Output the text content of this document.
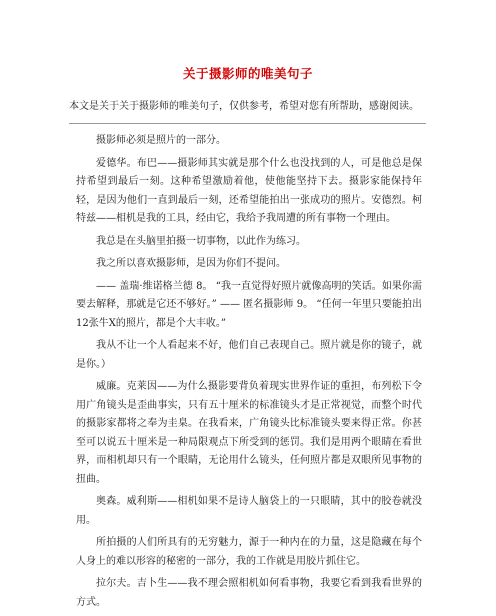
关于摄影师的唯美句子
本文是关于关于摄影师的唯美句子，仅供参考，希望对您有所帮助，感谢阅读。

摄影师必须是照片的一部分。

爱德华。布巴——摄影师其实就是那个什么也没找到的人，可是他总是保持希望到最后一刻。这种希望激励着他，使他能坚持下去。摄影家能保持年轻，是因为他们一直到最后一刻，还希望能拍出一张成功的照片。安德烈。柯特兹——相机是我的工具，经由它，我给予我周遭的所有事物一个理由。

我总是在头脑里拍摄一切事物，以此作为练习。

我之所以喜欢摄影师，是因为你们不提问。

—— 盖瑞·维诺格兰德 8。 “我一直觉得好照片就像高明的笑话。如果你需要去解释，那就是它还不够好。” —— 匿名摄影师 9。 “任何一年里只要能拍出12张牛X的照片，都是个大丰收。”

我从不让一个人看起来不好，他们自己表现自己。照片就是你的镜子，就是你。）

威廉。克莱因——为什么摄影要背负着现实世界作证的重担，布列松下令用广角镜头是歪曲事实，只有五十厘米的标准镜头才是正常视觉，而整个时代的摄影家都将之奉为圭臬。在我看来，广角镜头比标准镜头要来得正常。你甚至可以说五十厘米是一种局限观点下所受到的惩罚。我们是用两个眼睛在看世界，而相机却只有一个眼睛，无论用什么镜头，任何照片都是双眼所见事物的扭曲。

奥森。威利斯——相机如果不是诗人脑袋上的一只眼睛，其中的胶卷就没用。

所拍摄的人们所具有的无穷魅力，源于一种内在的力量，这是隐藏在每个人身上的难以形容的秘密的一部分，我的工作就是用胶片抓住它。

拉尔夫。吉卜生——我不理会照相机如何看事物，我要它看到我看世界的方式。
